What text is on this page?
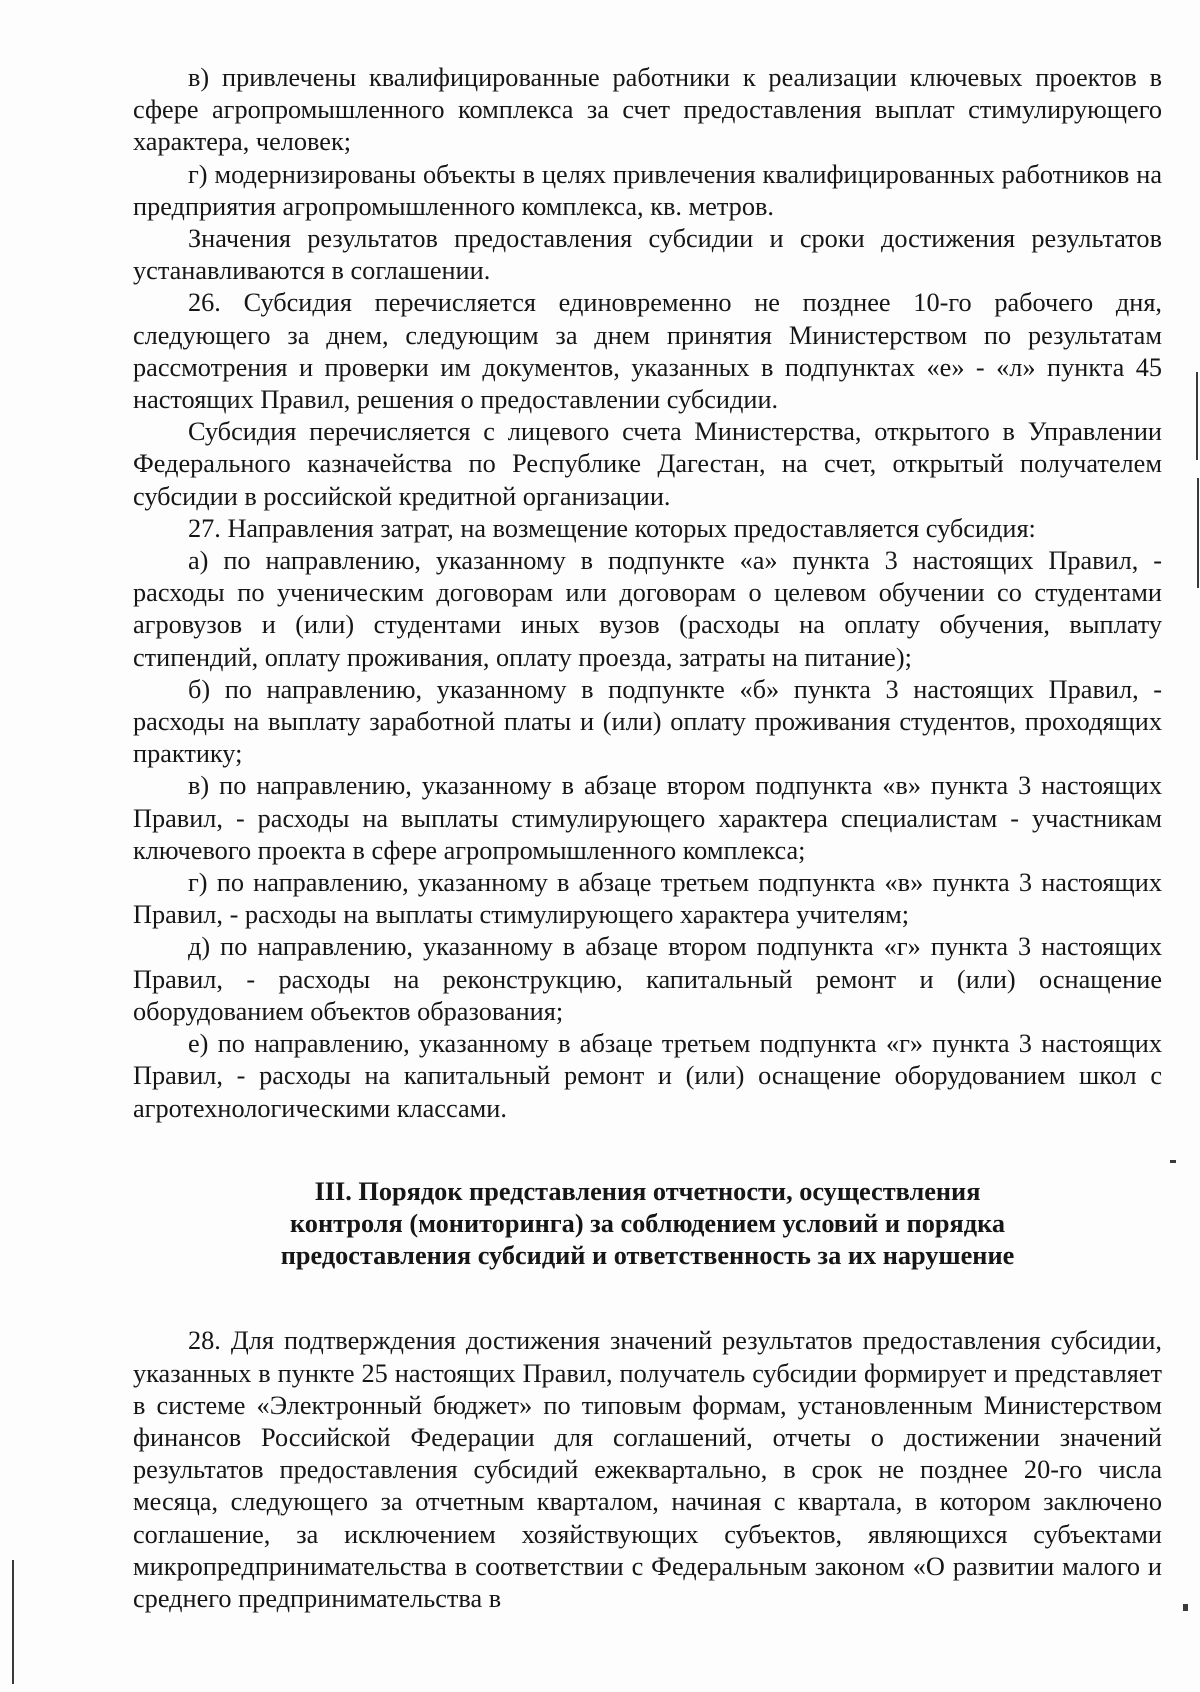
в) привлечены квалифицированные работники к реализации ключевых проектов в сфере агропромышленного комплекса за счет предоставления выплат стимулирующего характера, человек;

г) модернизированы объекты в целях привлечения квалифицированных работников на предприятия агропромышленного комплекса, кв. метров.

Значения результатов предоставления субсидии и сроки достижения результатов устанавливаются в соглашении.

26. Субсидия перечисляется единовременно не позднее 10-го рабочего дня, следующего за днем, следующим за днем принятия Министерством по результатам рассмотрения и проверки им документов, указанных в подпунктах «е» - «л» пункта 45 настоящих Правил, решения о предоставлении субсидии.

Субсидия перечисляется с лицевого счета Министерства, открытого в Управлении Федерального казначейства по Республике Дагестан, на счет, открытый получателем субсидии в российской кредитной организации.

27. Направления затрат, на возмещение которых предоставляется субсидия:

а) по направлению, указанному в подпункте «а» пункта 3 настоящих Правил, - расходы по ученическим договорам или договорам о целевом обучении со студентами агровузов и (или) студентами иных вузов (расходы на оплату обучения, выплату стипендий, оплату проживания, оплату проезда, затраты на питание);

б) по направлению, указанному в подпункте «б» пункта 3 настоящих Правил, - расходы на выплату заработной платы и (или) оплату проживания студентов, проходящих практику;

в) по направлению, указанному в абзаце втором подпункта «в» пункта 3 настоящих Правил, - расходы на выплаты стимулирующего характера специалистам - участникам ключевого проекта в сфере агропромышленного комплекса;

г) по направлению, указанному в абзаце третьем подпункта «в» пункта 3 настоящих Правил, - расходы на выплаты стимулирующего характера учителям;

д) по направлению, указанному в абзаце втором подпункта «г» пункта 3 настоящих Правил, - расходы на реконструкцию, капитальный ремонт и (или) оснащение оборудованием объектов образования;

е) по направлению, указанному в абзаце третьем подпункта «г» пункта 3 настоящих Правил, - расходы на капитальный ремонт и (или) оснащение оборудованием школ с агротехнологическими классами.

III. Порядок представления отчетности, осуществления
контроля (мониторинга) за соблюдением условий и порядка
предоставления субсидий и ответственность за их нарушение

28. Для подтверждения достижения значений результатов предоставления субсидии, указанных в пункте 25 настоящих Правил, получатель субсидии формирует и представляет в системе «Электронный бюджет» по типовым формам, установленным Министерством финансов Российской Федерации для соглашений, отчеты о достижении значений результатов предоставления субсидий ежеквартально, в срок не позднее 20-го числа месяца, следующего за отчетным кварталом, начиная с квартала, в котором заключено соглашение, за исключением хозяйствующих субъектов, являющихся субъектами микропредпринимательства в соответствии с Федеральным законом «О развитии малого и среднего предпринимательства в
